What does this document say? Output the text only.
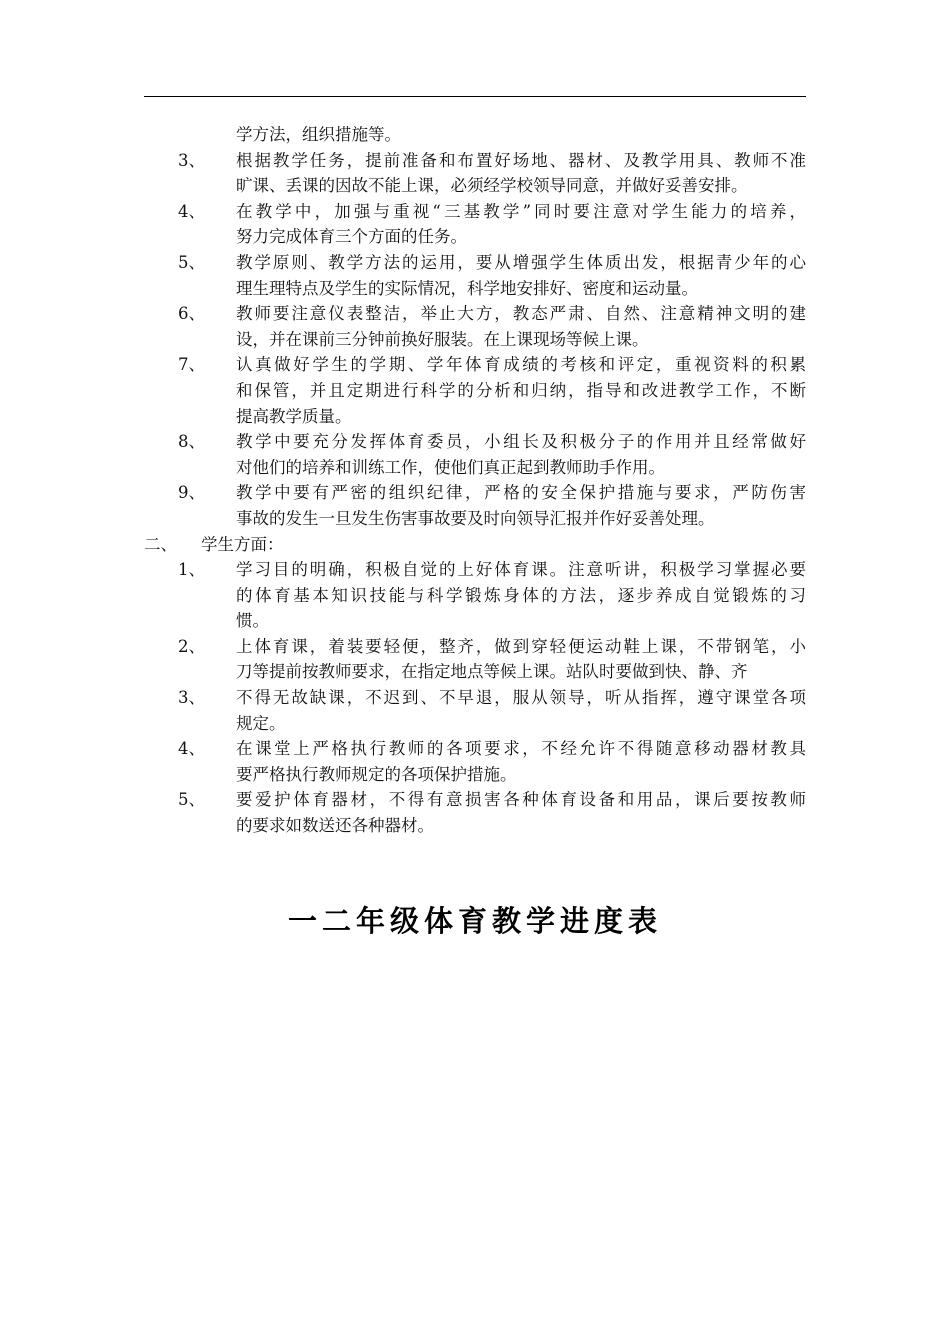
学方法，组织措施等。
3、 根据教学任务，提前准备和布置好场地、器材、及教学用具、教师不准
旷课、丢课的因故不能上课，必须经学校领导同意，并做好妥善安排。
4、 在教学中，加强与重视“三基教学”同时要注意对学生能力的培养，
努力完成体育三个方面的任务。
5、 教学原则、教学方法的运用，要从增强学生体质出发，根据青少年的心
理生理特点及学生的实际情况，科学地安排好、密度和运动量。
6、 教师要注意仪表整洁，举止大方，教态严肃、自然、注意精神文明的建
设，并在课前三分钟前换好服装。在上课现场等候上课。
7、 认真做好学生的学期、学年体育成绩的考核和评定，重视资料的积累
和保管，并且定期进行科学的分析和归纳，指导和改进教学工作，不断
提高教学质量。
8、 教学中要充分发挥体育委员，小组长及积极分子的作用并且经常做好
对他们的培养和训练工作，使他们真正起到教师助手作用。
9、 教学中要有严密的组织纪律，严格的安全保护措施与要求，严防伤害
事故的发生一旦发生伤害事故要及时向领导汇报并作好妥善处理。
二、 学生方面：
1、 学习目的明确，积极自觉的上好体育课。注意听讲，积极学习掌握必要
的体育基本知识技能与科学锻炼身体的方法，逐步养成自觉锻炼的习
惯。
2、 上体育课，着装要轻便，整齐，做到穿轻便运动鞋上课，不带钢笔，小
刀等提前按教师要求，在指定地点等候上课。站队时要做到快、静、齐
3、 不得无故缺课，不迟到、不早退，服从领导，听从指挥，遵守课堂各项
规定。
4、 在课堂上严格执行教师的各项要求，不经允许不得随意移动器材教具
要严格执行教师规定的各项保护措施。
5、 要爱护体育器材，不得有意损害各种体育设备和用品，课后要按教师
的要求如数送还各种器材。
一二年级体育教学进度表
